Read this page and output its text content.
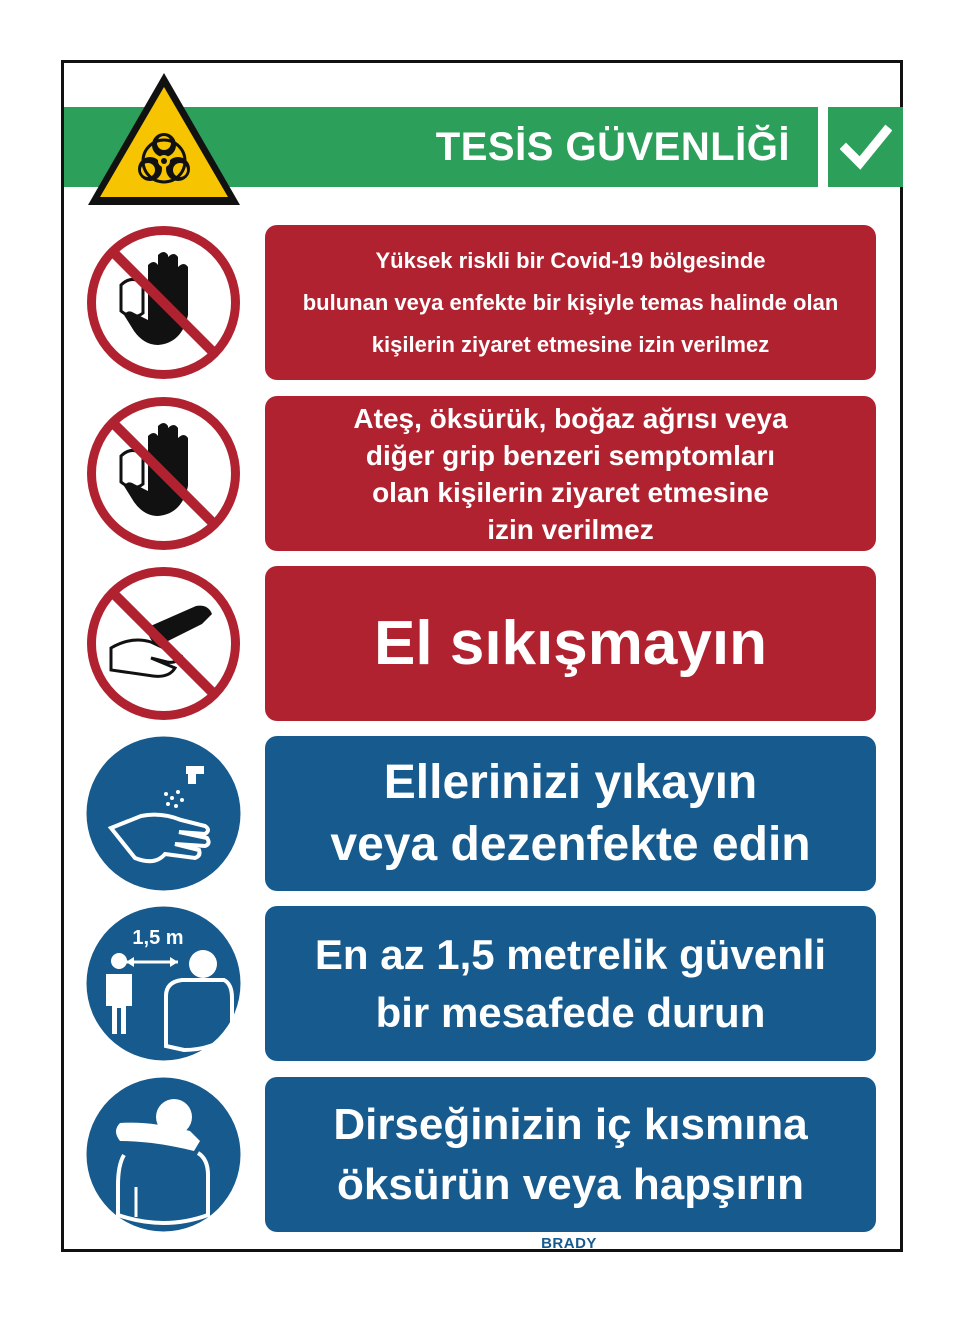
TESİS GÜVENLİĞİ
Yüksek riskli bir Covid-19 bölgesinde
bulunan veya enfekte bir kişiyle temas halinde olan
kişilerin ziyaret etmesine izin verilmez
Ateş, öksürük, boğaz ağrısı veya
diğer grip benzeri semptomları
olan kişilerin ziyaret etmesine
izin verilmez
El sıkışmayın
Ellerinizi yıkayın
veya dezenfekte edin
1,5 m	En az 1,5 metrelik güvenli
bir mesafede durun
Dirseğinizin iç kısmına
öksürün veya hapşırın
BRADY
